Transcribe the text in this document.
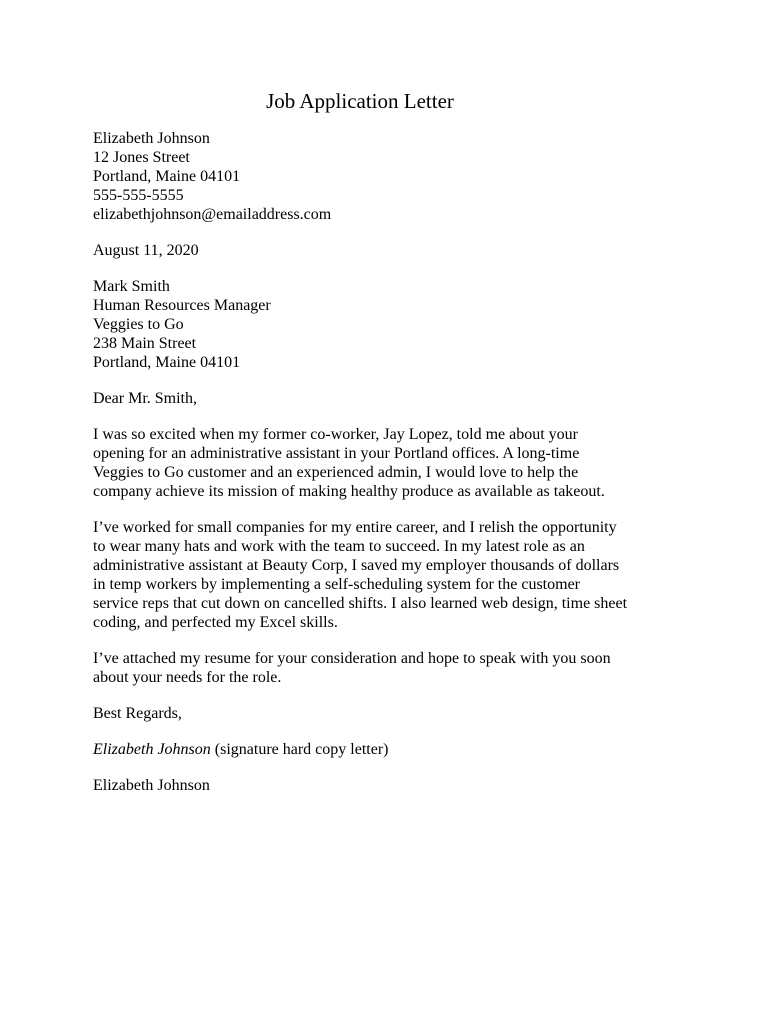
Job Application Letter
Elizabeth Johnson
12 Jones Street
Portland, Maine 04101
555-555-5555
elizabethjohnson@emailaddress.com
August 11, 2020
Mark Smith
Human Resources Manager
Veggies to Go
238 Main Street
Portland, Maine 04101
Dear Mr. Smith,
I was so excited when my former co-worker, Jay Lopez, told me about your
opening for an administrative assistant in your Portland offices. A long-time
Veggies to Go customer and an experienced admin, I would love to help the
company achieve its mission of making healthy produce as available as takeout.
I’ve worked for small companies for my entire career, and I relish the opportunity
to wear many hats and work with the team to succeed. In my latest role as an
administrative assistant at Beauty Corp, I saved my employer thousands of dollars
in temp workers by implementing a self-scheduling system for the customer
service reps that cut down on cancelled shifts. I also learned web design, time sheet
coding, and perfected my Excel skills.
I’ve attached my resume for your consideration and hope to speak with you soon
about your needs for the role.
Best Regards,
Elizabeth Johnson (signature hard copy letter)
Elizabeth Johnson
